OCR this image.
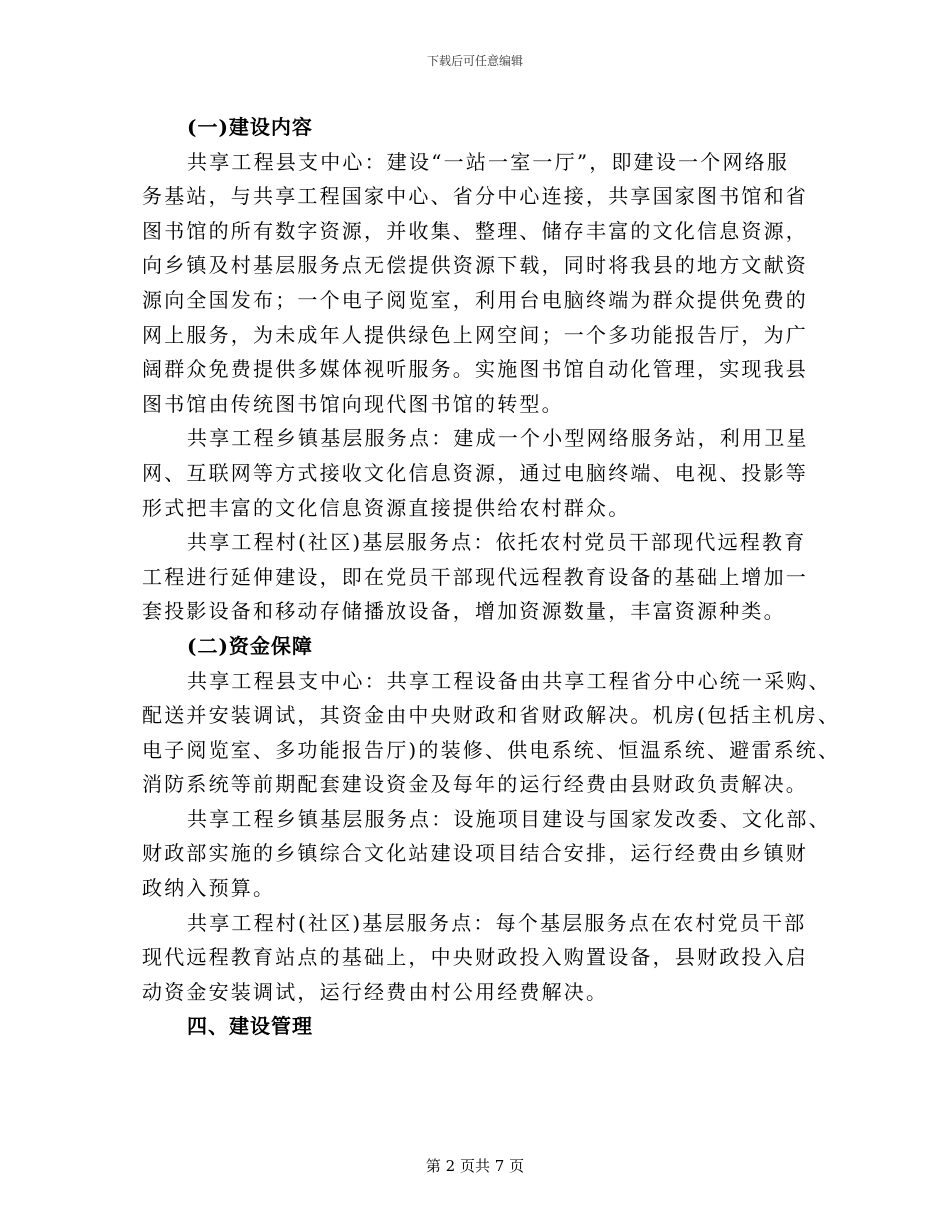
下载后可任意编辑
(一)建设内容
共享工程县支中心：建设“一站一室一厅”，即建设一个网络服
务基站，与共享工程国家中心、省分中心连接，共享国家图书馆和省
图书馆的所有数字资源，并收集、整理、储存丰富的文化信息资源，
向乡镇及村基层服务点无偿提供资源下载，同时将我县的地方文献资
源向全国发布；一个电子阅览室，利用台电脑终端为群众提供免费的
网上服务，为未成年人提供绿色上网空间；一个多功能报告厅，为广
阔群众免费提供多媒体视听服务。实施图书馆自动化管理，实现我县
图书馆由传统图书馆向现代图书馆的转型。
共享工程乡镇基层服务点：建成一个小型网络服务站，利用卫星
网、互联网等方式接收文化信息资源，通过电脑终端、电视、投影等
形式把丰富的文化信息资源直接提供给农村群众。
共享工程村(社区)基层服务点：依托农村党员干部现代远程教育
工程进行延伸建设，即在党员干部现代远程教育设备的基础上增加一
套投影设备和移动存储播放设备，增加资源数量，丰富资源种类。
(二)资金保障
共享工程县支中心：共享工程设备由共享工程省分中心统一采购、
配送并安装调试，其资金由中央财政和省财政解决。机房(包括主机房、
电子阅览室、多功能报告厅)的装修、供电系统、恒温系统、避雷系统、
消防系统等前期配套建设资金及每年的运行经费由县财政负责解决。
共享工程乡镇基层服务点：设施项目建设与国家发改委、文化部、
财政部实施的乡镇综合文化站建设项目结合安排，运行经费由乡镇财
政纳入预算。
共享工程村(社区)基层服务点：每个基层服务点在农村党员干部
现代远程教育站点的基础上，中央财政投入购置设备，县财政投入启
动资金安装调试，运行经费由村公用经费解决。
四、建设管理
第 2 页共 7 页
